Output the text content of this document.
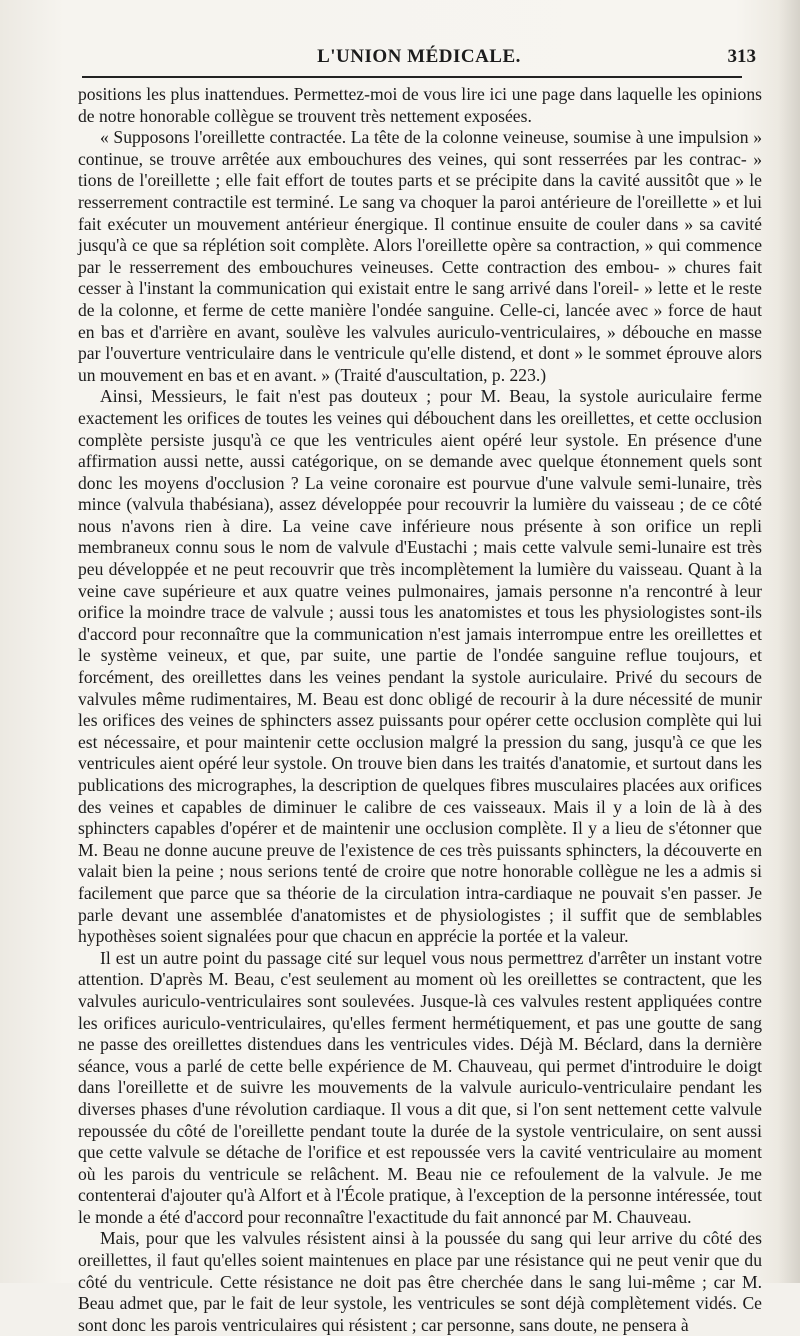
L'UNION MÉDICALE.	313

positions les plus inattendues. Permettez-moi de vous lire ici une page dans laquelle les opinions de notre honorable collègue se trouvent très nettement exposées.

« Supposons l'oreillette contractée. La tête de la colonne veineuse, soumise à une impulsion » continue, se trouve arrêtée aux embouchures des veines, qui sont resserrées par les contrac- » tions de l'oreillette ; elle fait effort de toutes parts et se précipite dans la cavité aussitôt que » le resserrement contractile est terminé. Le sang va choquer la paroi antérieure de l'oreillette » et lui fait exécuter un mouvement antérieur énergique. Il continue ensuite de couler dans » sa cavité jusqu'à ce que sa réplétion soit complète. Alors l'oreillette opère sa contraction, » qui commence par le resserrement des embouchures veineuses. Cette contraction des embou- » chures fait cesser à l'instant la communication qui existait entre le sang arrivé dans l'oreil- » lette et le reste de la colonne, et ferme de cette manière l'ondée sanguine. Celle-ci, lancée avec » force de haut en bas et d'arrière en avant, soulève les valvules auriculo-ventriculaires, » débouche en masse par l'ouverture ventriculaire dans le ventricule qu'elle distend, et dont » le sommet éprouve alors un mouvement en bas et en avant. » (Traité d'auscultation, p. 223.)

Ainsi, Messieurs, le fait n'est pas douteux ; pour M. Beau, la systole auriculaire ferme exactement les orifices de toutes les veines qui débouchent dans les oreillettes, et cette occlusion complète persiste jusqu'à ce que les ventricules aient opéré leur systole. En présence d'une affirmation aussi nette, aussi catégorique, on se demande avec quelque étonnement quels sont donc les moyens d'occlusion ? La veine coronaire est pourvue d'une valvule semi-lunaire, très mince (valvula thabésiana), assez développée pour recouvrir la lumière du vaisseau ; de ce côté nous n'avons rien à dire. La veine cave inférieure nous présente à son orifice un repli membraneux connu sous le nom de valvule d'Eustachi ; mais cette valvule semi-lunaire est très peu développée et ne peut recouvrir que très incomplètement la lumière du vaisseau. Quant à la veine cave supérieure et aux quatre veines pulmonaires, jamais personne n'a rencontré à leur orifice la moindre trace de valvule ; aussi tous les anatomistes et tous les physiologistes sont-ils d'accord pour reconnaître que la communication n'est jamais interrompue entre les oreillettes et le système veineux, et que, par suite, une partie de l'ondée sanguine reflue toujours, et forcément, des oreillettes dans les veines pendant la systole auriculaire. Privé du secours de valvules même rudimentaires, M. Beau est donc obligé de recourir à la dure nécessité de munir les orifices des veines de sphincters assez puissants pour opérer cette occlusion complète qui lui est nécessaire, et pour maintenir cette occlusion malgré la pression du sang, jusqu'à ce que les ventricules aient opéré leur systole. On trouve bien dans les traités d'anatomie, et surtout dans les publications des micrographes, la description de quelques fibres musculaires placées aux orifices des veines et capables de diminuer le calibre de ces vaisseaux. Mais il y a loin de là à des sphincters capables d'opérer et de maintenir une occlusion complète. Il y a lieu de s'étonner que M. Beau ne donne aucune preuve de l'existence de ces très puissants sphincters, la découverte en valait bien la peine ; nous serions tenté de croire que notre honorable collègue ne les a admis si facilement que parce que sa théorie de la circulation intra-cardiaque ne pouvait s'en passer. Je parle devant une assemblée d'anatomistes et de physiologistes ; il suffit que de semblables hypothèses soient signalées pour que chacun en apprécie la portée et la valeur.

Il est un autre point du passage cité sur lequel vous nous permettrez d'arrêter un instant votre attention. D'après M. Beau, c'est seulement au moment où les oreillettes se contractent, que les valvules auriculo-ventriculaires sont soulevées. Jusque-là ces valvules restent appliquées contre les orifices auriculo-ventriculaires, qu'elles ferment hermétiquement, et pas une goutte de sang ne passe des oreillettes distendues dans les ventricules vides. Déjà M. Béclard, dans la dernière séance, vous a parlé de cette belle expérience de M. Chauveau, qui permet d'introduire le doigt dans l'oreillette et de suivre les mouvements de la valvule auriculo-ventriculaire pendant les diverses phases d'une révolution cardiaque. Il vous a dit que, si l'on sent nettement cette valvule repoussée du côté de l'oreillette pendant toute la durée de la systole ventriculaire, on sent aussi que cette valvule se détache de l'orifice et est repoussée vers la cavité ventriculaire au moment où les parois du ventricule se relâchent. M. Beau nie ce refoulement de la valvule. Je me contenterai d'ajouter qu'à Alfort et à l'École pratique, à l'exception de la personne intéressée, tout le monde a été d'accord pour reconnaître l'exactitude du fait annoncé par M. Chauveau.

Mais, pour que les valvules résistent ainsi à la poussée du sang qui leur arrive du côté des oreillettes, il faut qu'elles soient maintenues en place par une résistance qui ne peut venir que du côté du ventricule. Cette résistance ne doit pas être cherchée dans le sang lui-même ; car M. Beau admet que, par le fait de leur systole, les ventricules se sont déjà complètement vidés. Ce sont donc les parois ventriculaires qui résistent ; car personne, sans doute, ne pensera à
